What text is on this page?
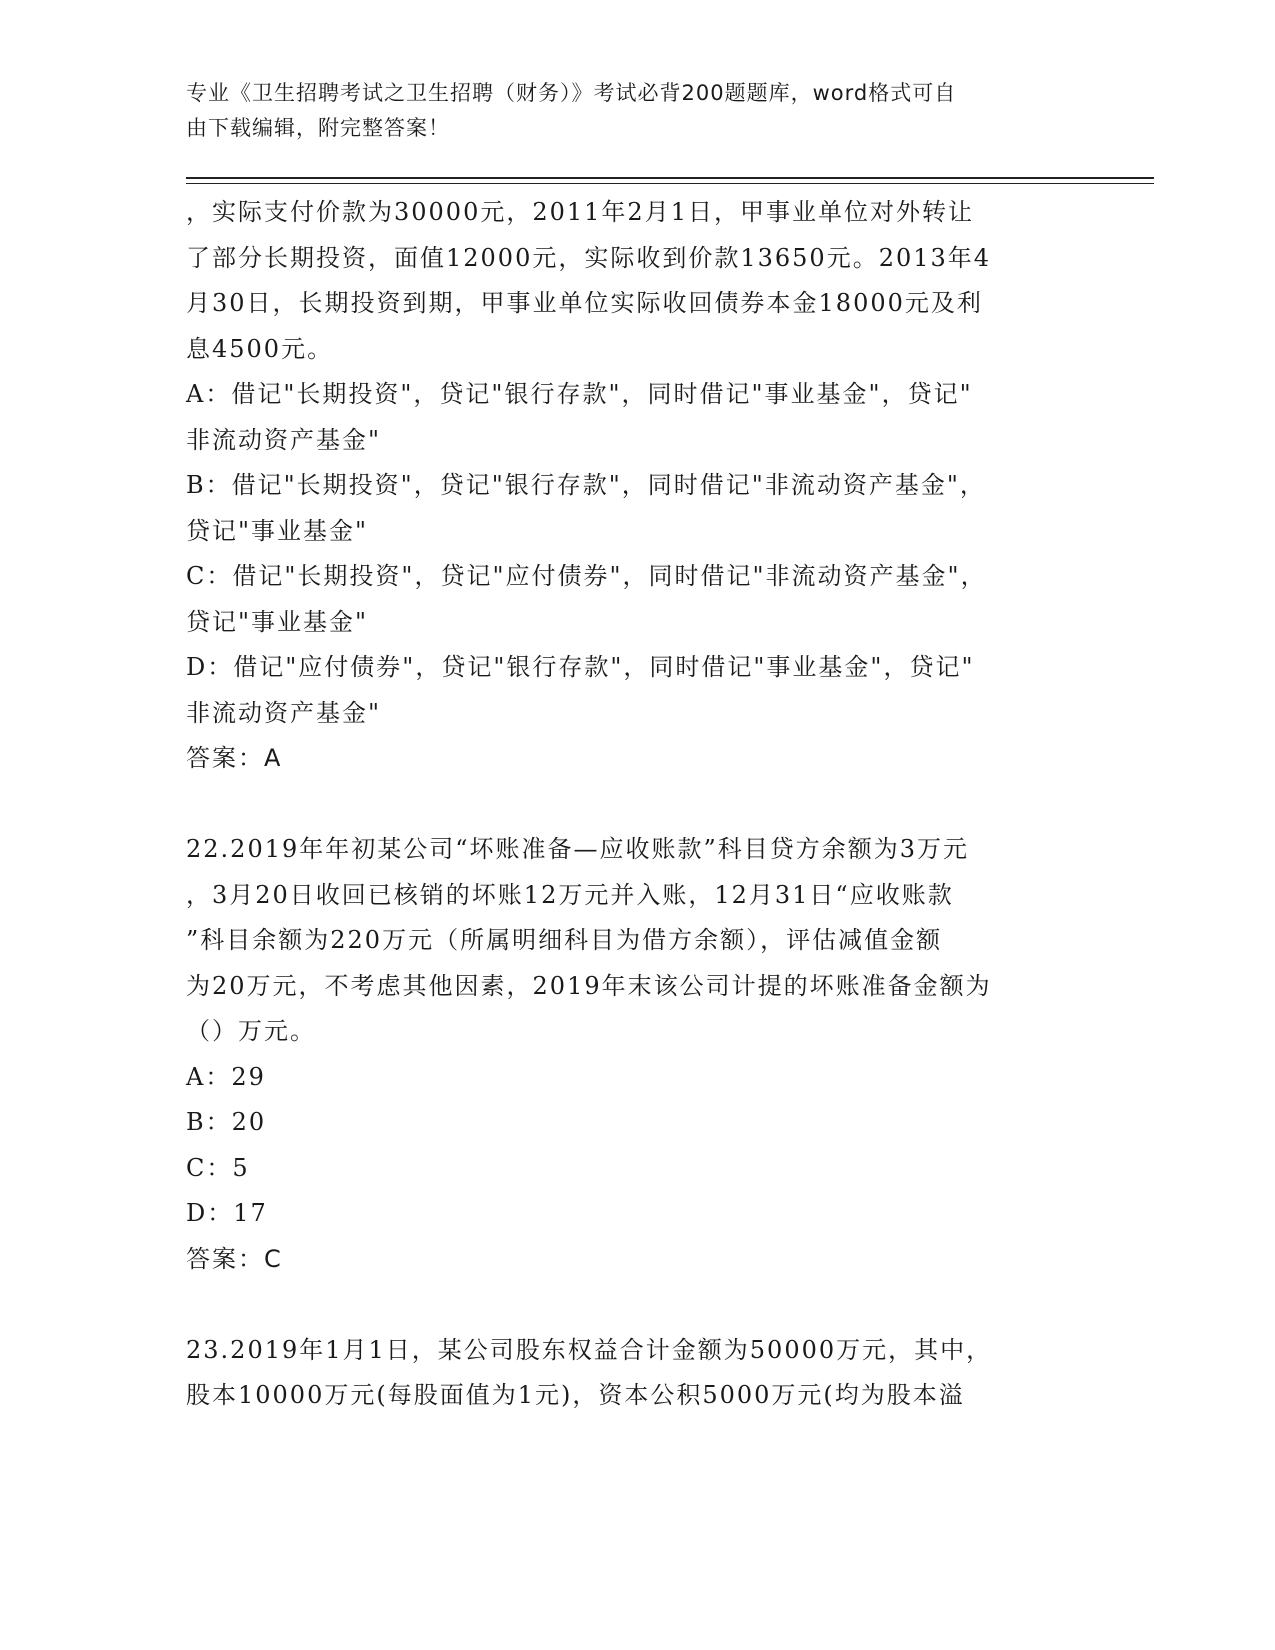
专业《卫生招聘考试之卫生招聘（财务）》考试必背200题题库，word格式可自
由下载编辑，附完整答案！

，实际支付价款为30000元，2011年2月1日，甲事业单位对外转让

了部分长期投资，面值12000元，实际收到价款13650元。2013年4

月30日，长期投资到期，甲事业单位实际收回债券本金18000元及利

息4500元。

A：借记"长期投资"，贷记"银行存款"，同时借记"事业基金"，贷记"

非流动资产基金"

B：借记"长期投资"，贷记"银行存款"，同时借记"非流动资产基金"，

贷记"事业基金"

C：借记"长期投资"，贷记"应付债券"，同时借记"非流动资产基金"，

贷记"事业基金"

D：借记"应付债券"，贷记"银行存款"，同时借记"事业基金"，贷记"

非流动资产基金"

答案：A

22.2019年年初某公司“坏账准备—应收账款”科目贷方余额为3万元

，3月20日收回已核销的坏账12万元并入账，12月31日“应收账款

”科目余额为220万元（所属明细科目为借方余额），评估减值金额

为20万元，不考虑其他因素，2019年末该公司计提的坏账准备金额为

（）万元。

A：29

B：20

C：5

D：17

答案：C

23.2019年1月1日，某公司股东权益合计金额为50000万元，其中，

股本10000万元(每股面值为1元)，资本公积5000万元(均为股本溢
